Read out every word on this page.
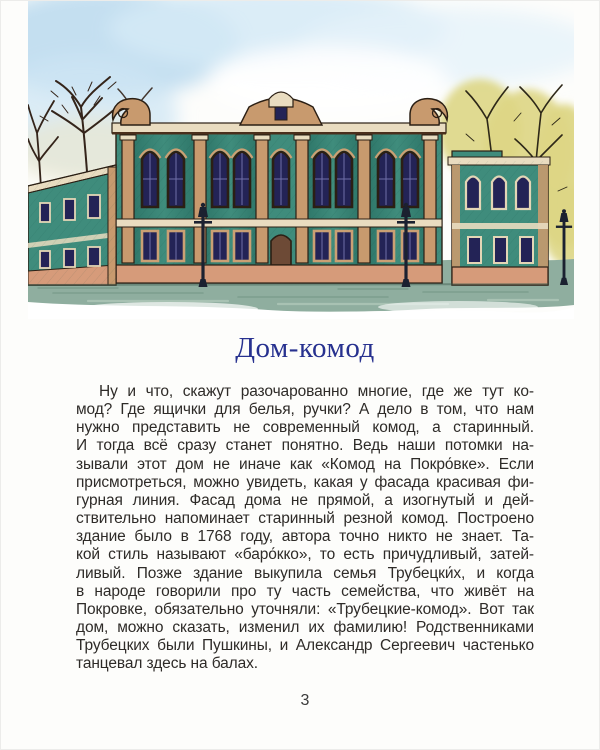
Дом-комод
Ну и что, скажут разочарованно многие, где же тут ко-
мод? Где ящички для белья, ручки? А дело в том, что нам
нужно представить не современный комод, а старинный.
И тогда всё сразу станет понятно. Ведь наши потомки на-
зывали этот дом не иначе как «Комод на Покро́вке». Если
присмотреться, можно увидеть, какая у фасада красивая фи-
гурная линия. Фасад дома не прямой, а изогнутый и дей-
ствительно напоминает старинный резной комод. Построено
здание было в 1768 году, автора точно никто не знает. Та-
кой стиль называют «баро́кко», то есть причудливый, затей-
ливый. Позже здание выкупила семья Трубецки́х, и когда
в народе говорили про ту часть семейства, что живёт на
Покровке, обязательно уточняли: «Трубецкие-комод». Вот так
дом, можно сказать, изменил их фамилию! Родственниками
Трубецких были Пушкины, и Александр Сергеевич частенько
танцевал здесь на балах.
3
